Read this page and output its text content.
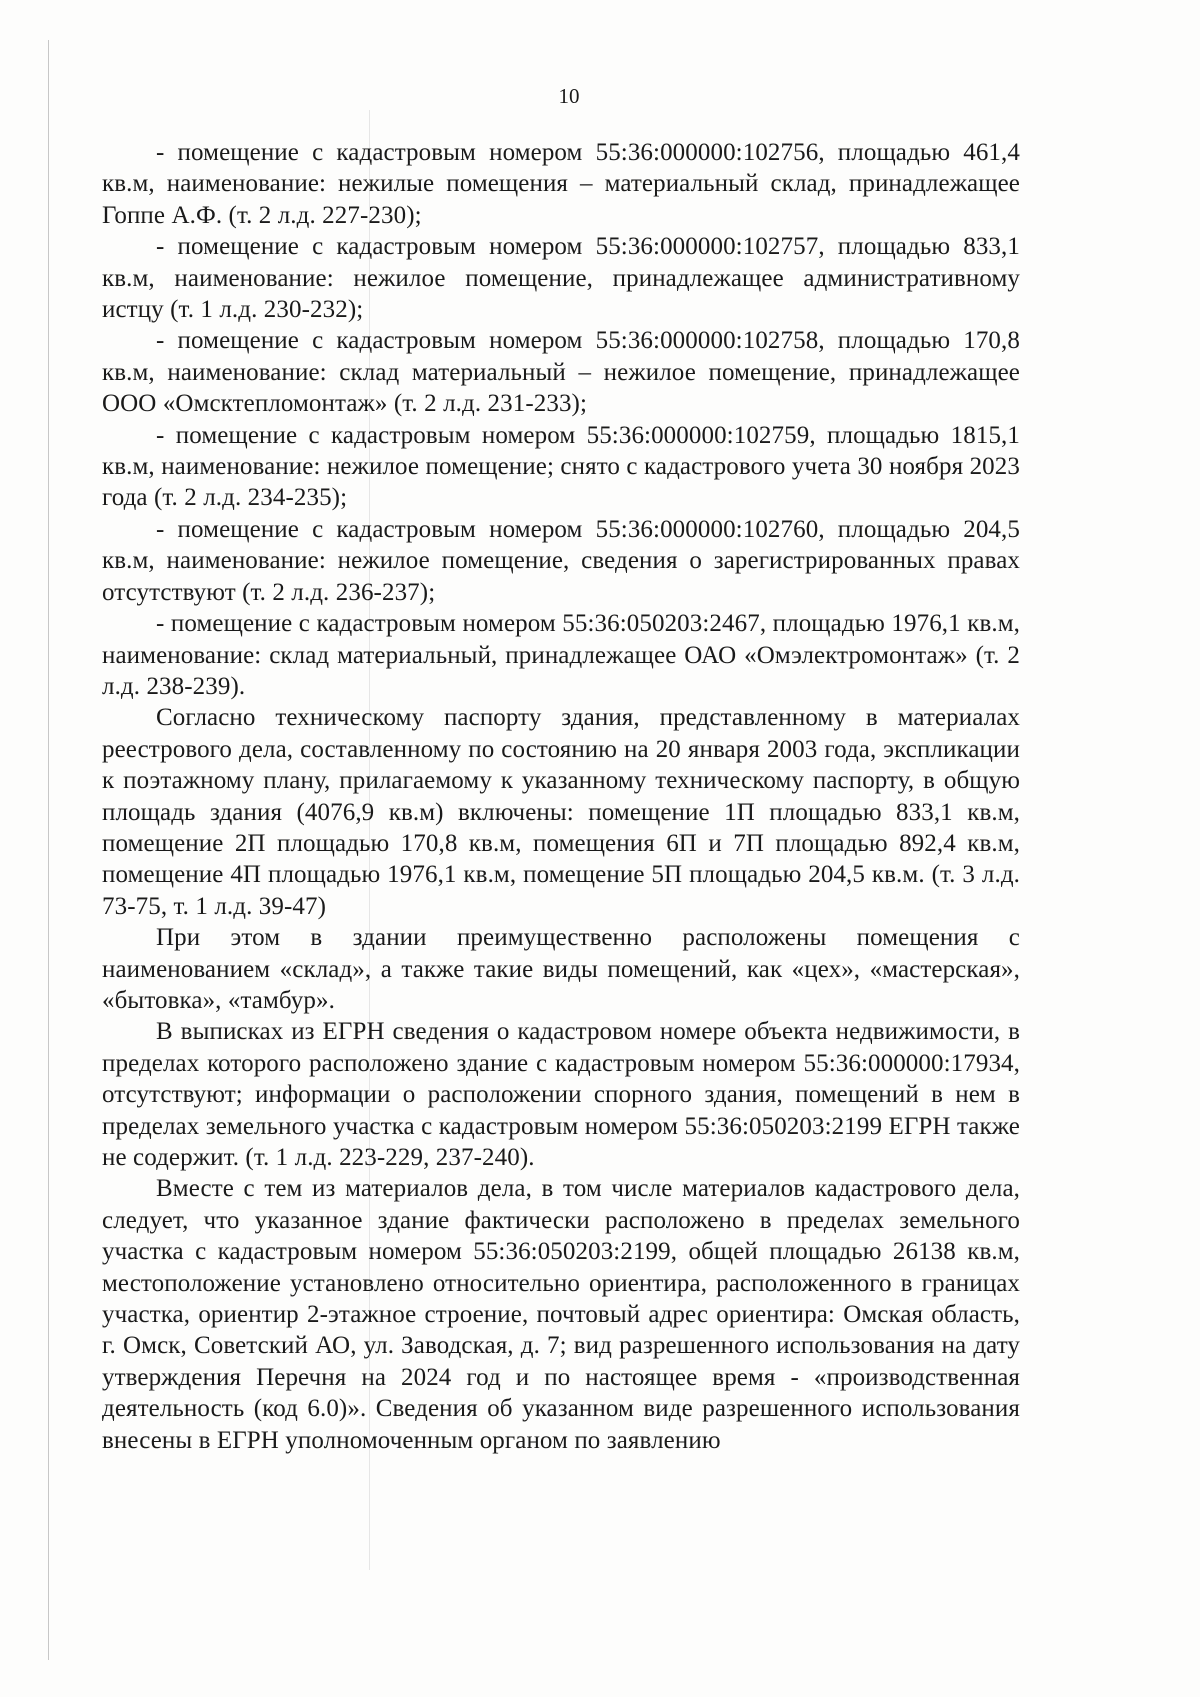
10

- помещение с кадастровым номером 55:36:000000:102756, площадью 461,4 кв.м, наименование: нежилые помещения – материальный склад, принадлежащее Гоппе А.Ф. (т. 2 л.д. 227-230);

- помещение с кадастровым номером 55:36:000000:102757, площадью 833,1 кв.м, наименование: нежилое помещение, принадлежащее административному истцу (т. 1 л.д. 230-232);

- помещение с кадастровым номером 55:36:000000:102758, площадью 170,8 кв.м, наименование: склад материальный – нежилое помещение, принадлежащее ООО «Омсктепломонтаж» (т. 2 л.д. 231-233);

- помещение с кадастровым номером 55:36:000000:102759, площадью 1815,1 кв.м, наименование: нежилое помещение; снято с кадастрового учета 30 ноября 2023 года (т. 2 л.д. 234-235);

- помещение с кадастровым номером 55:36:000000:102760, площадью 204,5 кв.м, наименование: нежилое помещение, сведения о зарегистрированных правах отсутствуют (т. 2 л.д. 236-237);

- помещение с кадастровым номером 55:36:050203:2467, площадью 1976,1 кв.м, наименование: склад материальный, принадлежащее ОАО «Омэлектромонтаж» (т. 2 л.д. 238-239).

Согласно техническому паспорту здания, представленному в материалах реестрового дела, составленному по состоянию на 20 января 2003 года, экспликации к поэтажному плану, прилагаемому к указанному техническому паспорту, в общую площадь здания (4076,9 кв.м) включены: помещение 1П площадью 833,1 кв.м, помещение 2П площадью 170,8 кв.м, помещения 6П и 7П площадью 892,4 кв.м, помещение 4П площадью 1976,1 кв.м, помещение 5П площадью 204,5 кв.м. (т. 3 л.д. 73-75, т. 1 л.д. 39-47)

При этом в здании преимущественно расположены помещения с наименованием «склад», а также такие виды помещений, как «цех», «мастерская», «бытовка», «тамбур».

В выписках из ЕГРН сведения о кадастровом номере объекта недвижимости, в пределах которого расположено здание с кадастровым номером 55:36:000000:17934, отсутствуют; информации о расположении спорного здания, помещений в нем в пределах земельного участка с кадастровым номером 55:36:050203:2199 ЕГРН также не содержит. (т. 1 л.д. 223-229, 237-240).

Вместе с тем из материалов дела, в том числе материалов кадастрового дела, следует, что указанное здание фактически расположено в пределах земельного участка с кадастровым номером 55:36:050203:2199, общей площадью 26138 кв.м, местоположение установлено относительно ориентира, расположенного в границах участка, ориентир 2-этажное строение, почтовый адрес ориентира: Омская область, г. Омск, Советский АО, ул. Заводская, д. 7; вид разрешенного использования на дату утверждения Перечня на 2024 год и по настоящее время - «производственная деятельность (код 6.0)». Сведения об указанном виде разрешенного использования внесены в ЕГРН уполномоченным органом по заявлению
